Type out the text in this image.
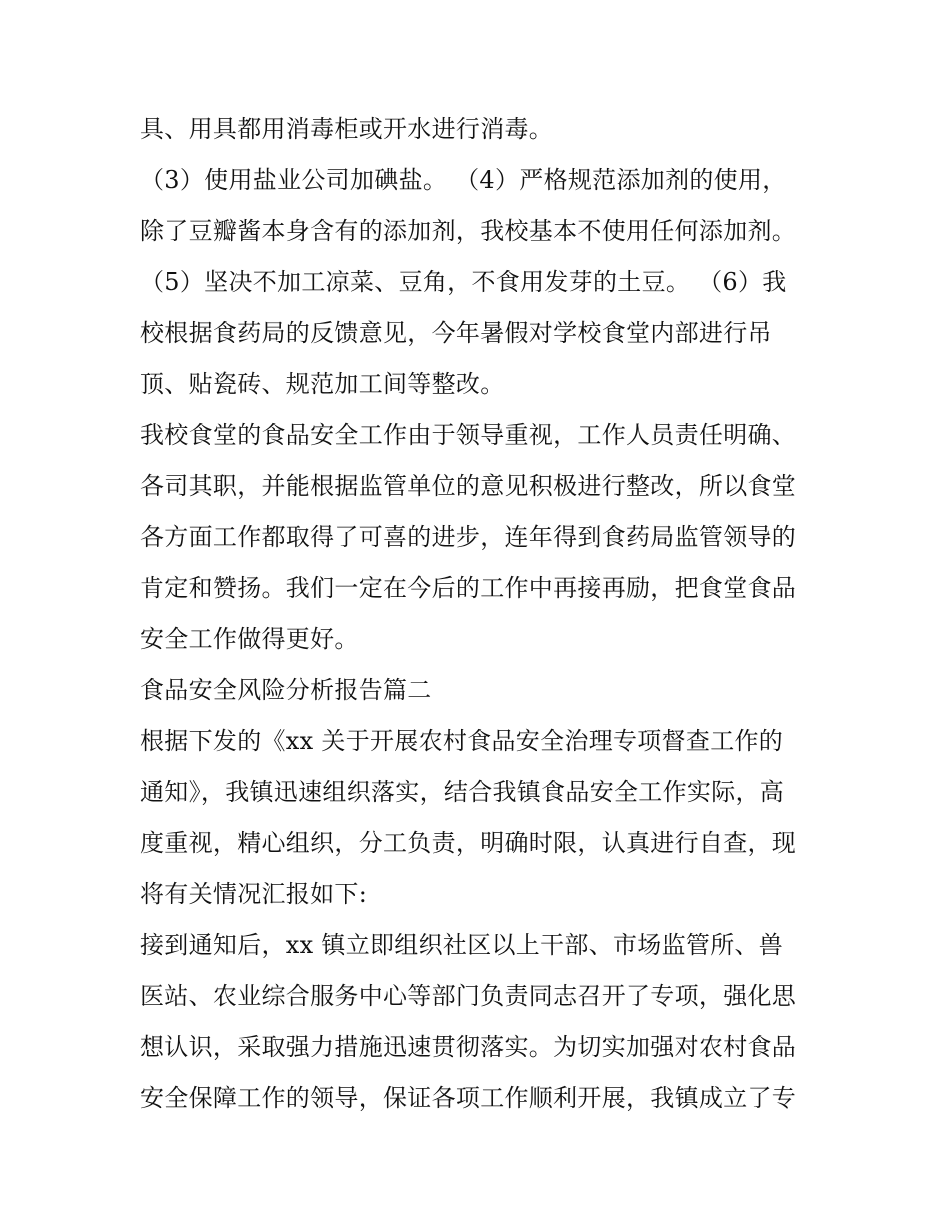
具、用具都用消毒柜或开水进行消毒。
（3）使用盐业公司加碘盐。 （4）严格规范添加剂的使用，
除了豆瓣酱本身含有的添加剂，我校基本不使用任何添加剂。
（5）坚决不加工凉菜、豆角，不食用发芽的土豆。 （6）我
校根据食药局的反馈意见，今年暑假对学校食堂内部进行吊
顶、贴瓷砖、规范加工间等整改。
我校食堂的食品安全工作由于领导重视，工作人员责任明确、
各司其职，并能根据监管单位的意见积极进行整改，所以食堂
各方面工作都取得了可喜的进步，连年得到食药局监管领导的
肯定和赞扬。我们一定在今后的工作中再接再励，把食堂食品
安全工作做得更好。
食品安全风险分析报告篇二
根据下发的《xx 关于开展农村食品安全治理专项督查工作的
通知》，我镇迅速组织落实，结合我镇食品安全工作实际，高
度重视，精心组织，分工负责，明确时限，认真进行自查，现
将有关情况汇报如下:
接到通知后，xx 镇立即组织社区以上干部、市场监管所、兽
医站、农业综合服务中心等部门负责同志召开了专项，强化思
想认识，采取强力措施迅速贯彻落实。为切实加强对农村食品
安全保障工作的领导，保证各项工作顺利开展，我镇成立了专
